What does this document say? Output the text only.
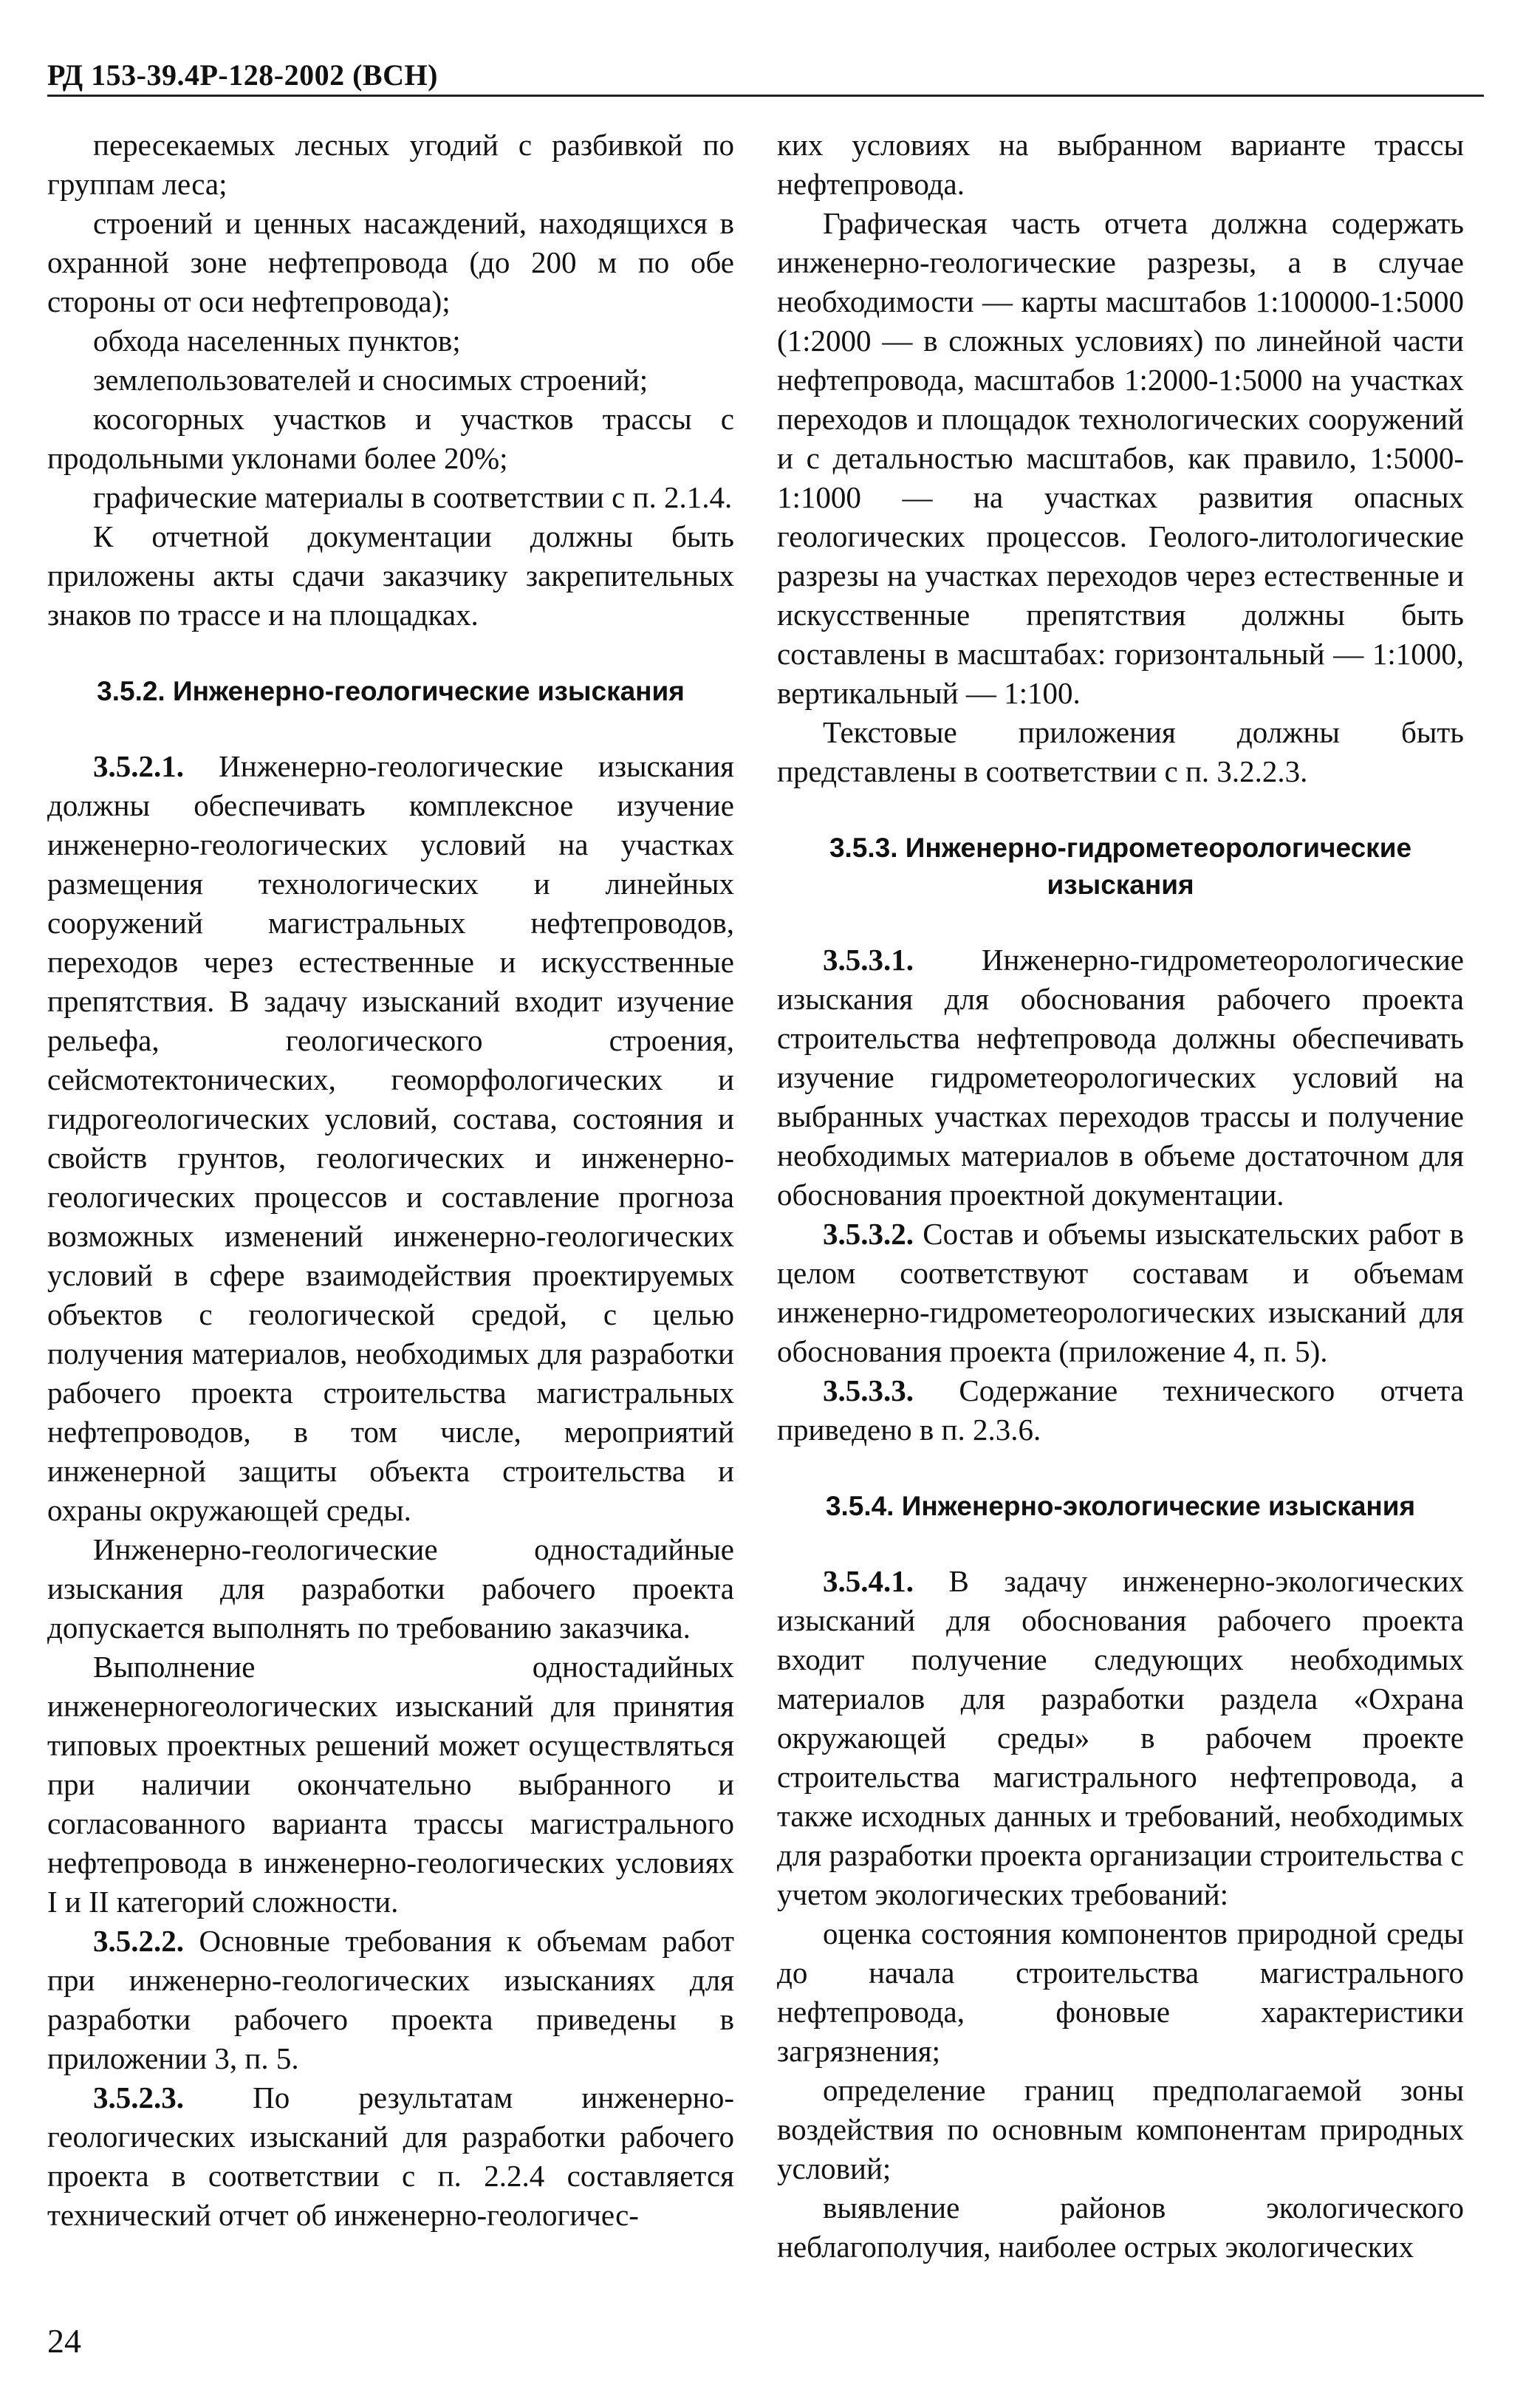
РД 153-39.4Р-128-2002 (ВСН)

пересекаемых лесных угодий с разбивкой по группам леса;

строений и ценных насаждений, находящихся в охранной зоне нефтепровода (до 200 м по обе стороны от оси нефтепровода);

обхода населенных пунктов;

землепользователей и сносимых строений;

косогорных участков и участков трассы с продольными уклонами более 20%;

графические материалы в соответствии с п. 2.1.4.

К отчетной документации должны быть приложены акты сдачи заказчику закрепительных знаков по трассе и на площадках.

3.5.2. Инженерно-геологические изыскания

3.5.2.1. Инженерно-геологические изыскания должны обеспечивать комплексное изучение инженерно-геологических условий на участках размещения технологических и линейных сооружений магистральных нефтепроводов, переходов через естественные и искусственные препятствия. В задачу изысканий входит изучение рельефа, геологического строения, сейсмотектонических, геоморфологических и гидрогеологических условий, состава, состояния и свойств грунтов, геологических и инженерно-геологических процессов и составление прогноза возможных изменений инженерно-геологических условий в сфере взаимодействия проектируемых объектов с геологической средой, с целью получения материалов, необходимых для разработки рабочего проекта строительства магистральных нефтепроводов, в том числе, мероприятий инженерной защиты объекта строительства и охраны окружающей среды.

Инженерно-геологические одностадийные изыскания для разработки рабочего проекта допускается выполнять по требованию заказчика.

Выполнение одностадийных инженерногеологических изысканий для принятия типовых проектных решений может осуществляться при наличии окончательно выбранного и согласованного варианта трассы магистрального нефтепровода в инженерно-геологических условиях I и II категорий сложности.

3.5.2.2. Основные требования к объемам работ при инженерно-геологических изысканиях для разработки рабочего проекта приведены в приложении 3, п. 5.

3.5.2.3. По результатам инженерно-геологических изысканий для разработки рабочего проекта в соответствии с п. 2.2.4 составляется технический отчет об инженерно-геологичес-

ких условиях на выбранном варианте трассы нефтепровода.

Графическая часть отчета должна содержать инженерно-геологические разрезы, а в случае необходимости — карты масштабов 1:100000-1:5000 (1:2000 — в сложных условиях) по линейной части нефтепровода, масштабов 1:2000-1:5000 на участках переходов и площадок технологических сооружений и с детальностью масштабов, как правило, 1:5000-1:1000 — на участках развития опасных геологических процессов. Геолого-литологические разрезы на участках переходов через естественные и искусственные препятствия должны быть составлены в масштабах: горизонтальный — 1:1000, вертикальный — 1:100.

Текстовые приложения должны быть представлены в соответствии с п. 3.2.2.3.

3.5.3. Инженерно-гидрометеорологические изыскания

3.5.3.1. Инженерно-гидрометеорологические изыскания для обоснования рабочего проекта строительства нефтепровода должны обеспечивать изучение гидрометеорологических условий на выбранных участках переходов трассы и получение необходимых материалов в объеме достаточном для обоснования проектной документации.

3.5.3.2. Состав и объемы изыскательских работ в целом соответствуют составам и объемам инженерно-гидрометеорологических изысканий для обоснования проекта (приложение 4, п. 5).

3.5.3.3. Содержание технического отчета приведено в п. 2.3.6.

3.5.4. Инженерно-экологические изыскания

3.5.4.1. В задачу инженерно-экологических изысканий для обоснования рабочего проекта входит получение следующих необходимых материалов для разработки раздела «Охрана окружающей среды» в рабочем проекте строительства магистрального нефтепровода, а также исходных данных и требований, необходимых для разработки проекта организации строительства с учетом экологических требований:

оценка состояния компонентов природной среды до начала строительства магистрального нефтепровода, фоновые характеристики загрязнения;

определение границ предполагаемой зоны воздействия по основным компонентам природных условий;

выявление районов экологического неблагополучия, наиболее острых экологических

24
